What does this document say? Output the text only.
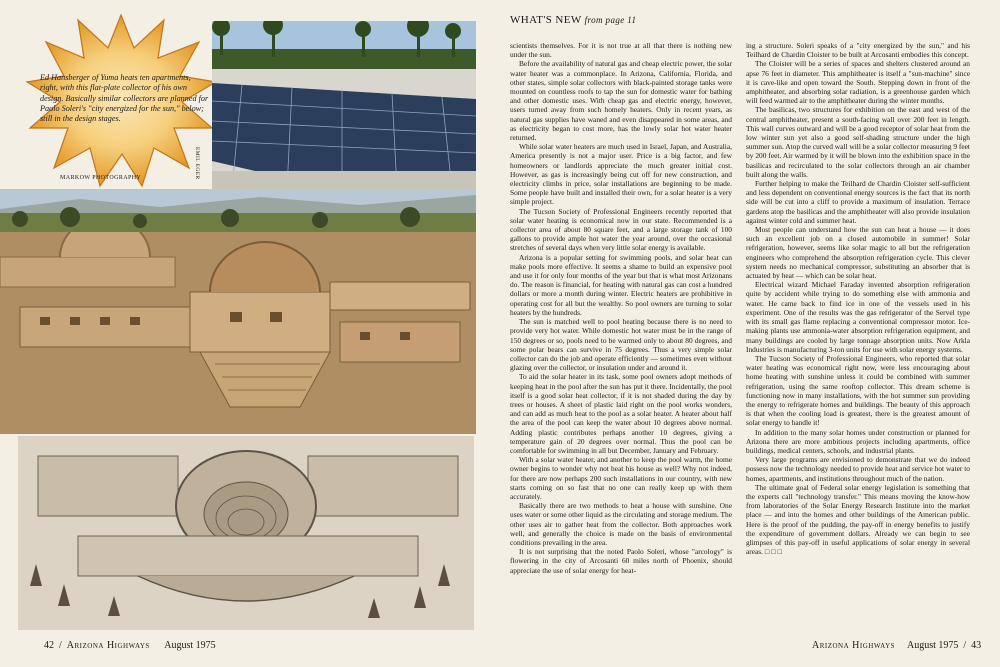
Ed Hansberger of Yuma heats ten apartments, right, with this flat-plate collector of his own design. Basically similar collectors are planned for Paolo Soleri's "city energized for the sun," below; still in the design stages.
MARKOW PHOTOGRAPHY	EMIL EGER
42  /  Arizona Highways August 1975
WHAT'S NEW from page 11

scientists themselves. For it is not true at all that there is nothing new under the sun.

Before the availability of natural gas and cheap electric power, the solar water heater was a commonplace. In Arizona, California, Florida, and other states, simple solar collectors with black-painted storage tanks were mounted on countless roofs to tap the sun for domestic water for bathing and other domestic uses. With cheap gas and electric energy, however, users turned away from such homely heaters. Only in recent years, as natural gas supplies have waned and even disappeared in some areas, and as electricity began to cost more, has the lowly solar hot water heater returned.

While solar water heaters are much used in Israel, Japan, and Australia, America presently is not a major user. Price is a big factor, and few homeowners or landlords appreciate the much greater initial cost. However, as gas is increasingly being cut off for new construction, and electricity climbs in price, solar installations are beginning to be made. Some people have built and installed their own, for a solar heater is a very simple project.

The Tucson Society of Professional Engineers recently reported that solar water heating is economical now in our state. Recommended is a collector area of about 80 square feet, and a large storage tank of 100 gallons to provide ample hot water the year around, over the occasional stretches of several days when very little solar energy is available.

Arizona is a popular setting for swimming pools, and solar heat can make pools more effective. It seems a shame to build an expensive pool and use it for only four months of the year but that is what most Arizonans do. The reason is financial, for heating with natural gas can cost a hundred dollars or more a month during winter. Electric heaters are prohibitive in operating cost for all but the wealthy. So pool owners are turning to solar heaters by the hundreds.

The sun is matched well to pool heating because there is no need to provide very hot water. While domestic hot water must be in the range of 150 degrees or so, pools need to be warmed only to about 80 degrees, and some polar bears can survive in 75 degrees. Thus a very simple solar collector can do the job and operate efficiently — sometimes even without glazing over the collector, or insulation under and around it.

To aid the solar heater in its task, some pool owners adopt methods of keeping heat in the pool after the sun has put it there. Incidentally, the pool itself is a good solar heat collector, if it is not shaded during the day by trees or houses. A sheet of plastic laid right on the pool works wonders, and can add as much heat to the pool as a solar heater. A heater about half the area of the pool can keep the water about 10 degrees above normal. Adding plastic contributes perhaps another 10 degrees, giving a temperature gain of 20 degrees over normal. Thus the pool can be comfortable for swimming in all but December, January and February.

With a solar water heater, and another to keep the pool warm, the home owner begins to wonder why not heat his house as well? Why not indeed, for there are now perhaps 200 such installations in our country, with new starts coming on so fast that no one can really keep up with them accurately.

Basically there are two methods to heat a house with sunshine. One uses water or some other liquid as the circulating and storage medium. The other uses air to gather heat from the collector. Both approaches work well, and generally the choice is made on the basis of environmental conditions prevailing in the area.

It is not surprising that the noted Paolo Soleri, whose "arcology" is flowering in the city of Arcosanti 60 miles north of Phoenix, should appreciate the use of solar energy for heat-

ing a structure. Soleri speaks of a "city energized by the sun," and his Teilhard de Chardin Cloister to be built at Arcosanti embodies this concept.

The Cloister will be a series of spaces and shelters clustered around an apse 76 feet in diameter. This amphitheater is itself a "sun-machine" since it is cave-like and open toward the South. Stepping down in front of the amphitheater, and absorbing solar radiation, is a greenhouse garden which will feed warmed air to the amphitheater during the winter months.

The basilicas, two structures for exhibition on the east and west of the central amphitheater, present a south-facing wall over 200 feet in length. This wall curves outward and will be a good receptor of solar heat from the low winter sun yet also a good self-shading structure under the high summer sun. Atop the curved wall will be a solar collector measuring 9 feet by 200 feet. Air warmed by it will be blown into the exhibition space in the basilicas and recirculated to the solar collectors through an air chamber built along the walls.

Further helping to make the Teilhard de Chardin Cloister self-sufficient and less dependent on conventional energy sources is the fact that its north side will be cut into a cliff to provide a maximum of insulation. Terrace gardens atop the basilicas and the amphitheater will also provide insulation against winter cold and summer heat.

Most people can understand how the sun can heat a house — it does such an excellent job on a closed automobile in summer! Solar refrigeration, however, seems like solar magic to all but the refrigeration engineers who comprehend the absorption refrigeration cycle. This clever system needs no mechanical compressor, substituting an absorber that is actuated by heat — which can be solar heat.

Electrical wizard Michael Faraday invented absorption refrigeration quite by accident while trying to do something else with ammonia and water. He came back to find ice in one of the vessels used in his experiment. One of the results was the gas refrigerator of the Servel type with its small gas flame replacing a conventional compressor motor. Ice-making plants use ammonia-water absorption refrigeration equipment, and many buildings are cooled by large tonnage absorption units. Now Arkla Industries is manufacturing 3-ton units for use with solar energy systems.

The Tucson Society of Professional Engineers, who reported that solar water heating was economical right now, were less encouraging about home heating with sunshine unless it could be combined with summer refrigeration, using the same rooftop collector. This dream scheme is functioning now in many installations, with the hot summer sun providing the energy to refrigerate homes and buildings. The beauty of this approach is that when the cooling load is greatest, there is the greatest amount of solar energy to handle it!

In addition to the many solar homes under construction or planned for Arizona there are more ambitious projects including apartments, office buildings, medical centers, schools, and industrial plants.

Very large programs are envisioned to demonstrate that we do indeed possess now the technology needed to provide heat and service hot water to homes, apartments, and institutions throughout much of the nation.

The ultimate goal of Federal solar energy legislation is something that the experts call "technology transfer." This means moving the know-how from laboratories of the Solar Energy Research Institute into the market place — and into the homes and other buildings of the American public. Here is the proof of the pudding, the pay-off in energy benefits to justify the expenditure of government dollars. Already we can begin to see glimpses of this pay-off in useful applications of solar energy in several areas. □ □ □

Arizona Highways August 1975  /  43
